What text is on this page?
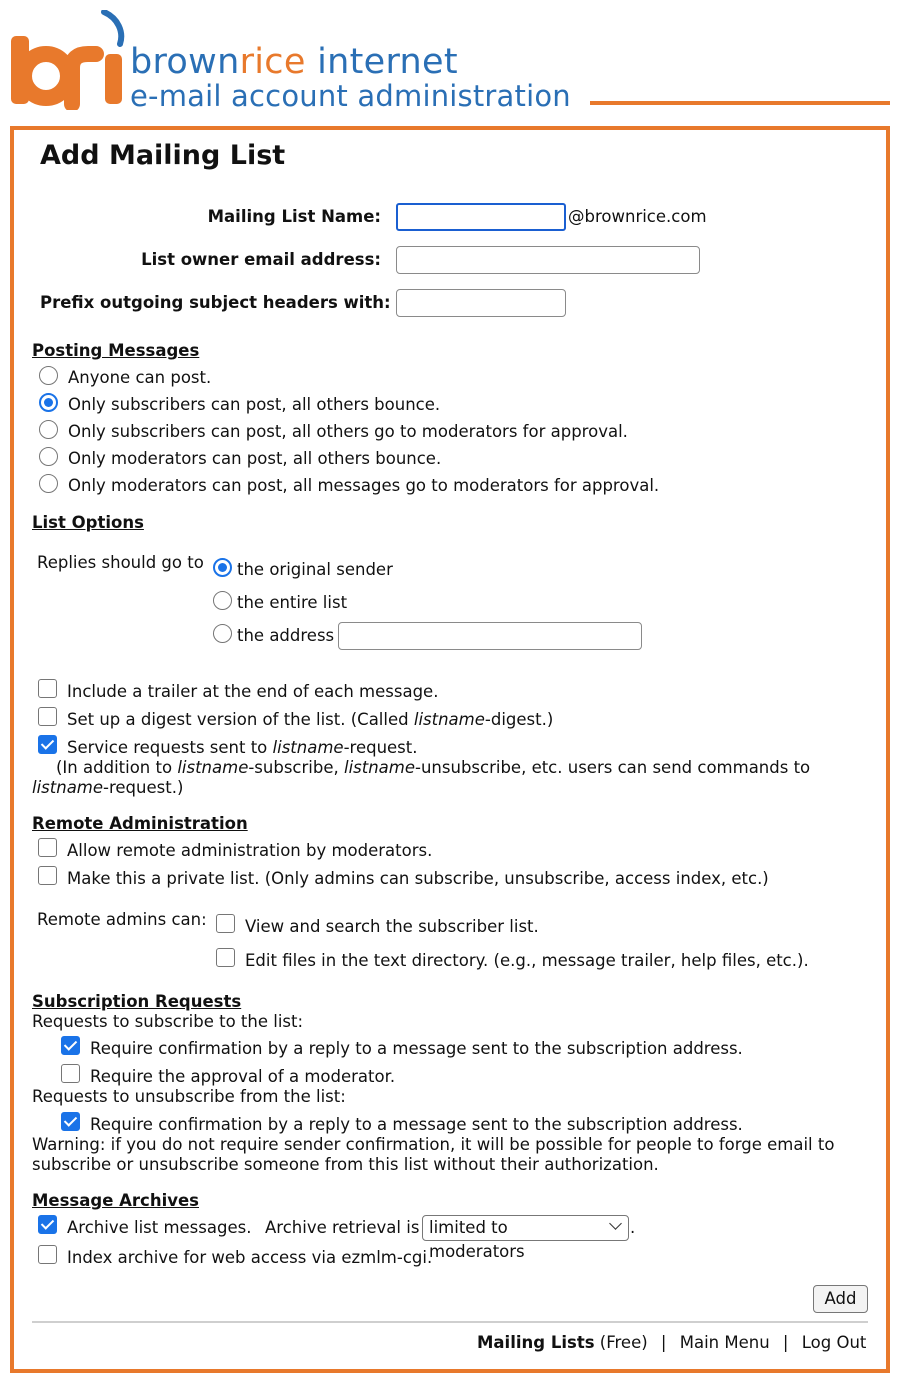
brownrice internet
e-mail account administration
Add Mailing List
Mailing List Name:	@brownrice.com
List owner email address:
Prefix outgoing subject headers with:
Posting Messages
Anyone can post.
Only subscribers can post, all others bounce.
Only subscribers can post, all others go to moderators for approval.
Only moderators can post, all others bounce.
Only moderators can post, all messages go to moderators for approval.
List Options
Replies should go to the original sender
the entire list
the address
Include a trailer at the end of each message.
Set up a digest version of the list. (Called listname-digest.)
Service requests sent to listname-request.
(In addition to listname-subscribe, listname-unsubscribe, etc. users can send commands to
listname-request.)
Remote Administration
Allow remote administration by moderators.
Make this a private list. (Only admins can subscribe, unsubscribe, access index, etc.)
Remote admins can: View and search the subscriber list.
Edit files in the text directory. (e.g., message trailer, help files, etc.).
Subscription Requests
Requests to subscribe to the list:
Require confirmation by a reply to a message sent to the subscription address.
Require the approval of a moderator.
Requests to unsubscribe from the list:
Require confirmation by a reply to a message sent to the subscription address.
Warning: if you do not require sender confirmation, it will be possible for people to forge email to
subscribe or unsubscribe someone from this list without their authorization.
Message Archives
Archive list messages. Archive retrieval is limited to moderators
.
Index archive for web access via ezmlm-cgi.
Add
Mailing Lists (Free) | Main Menu | Log Out
